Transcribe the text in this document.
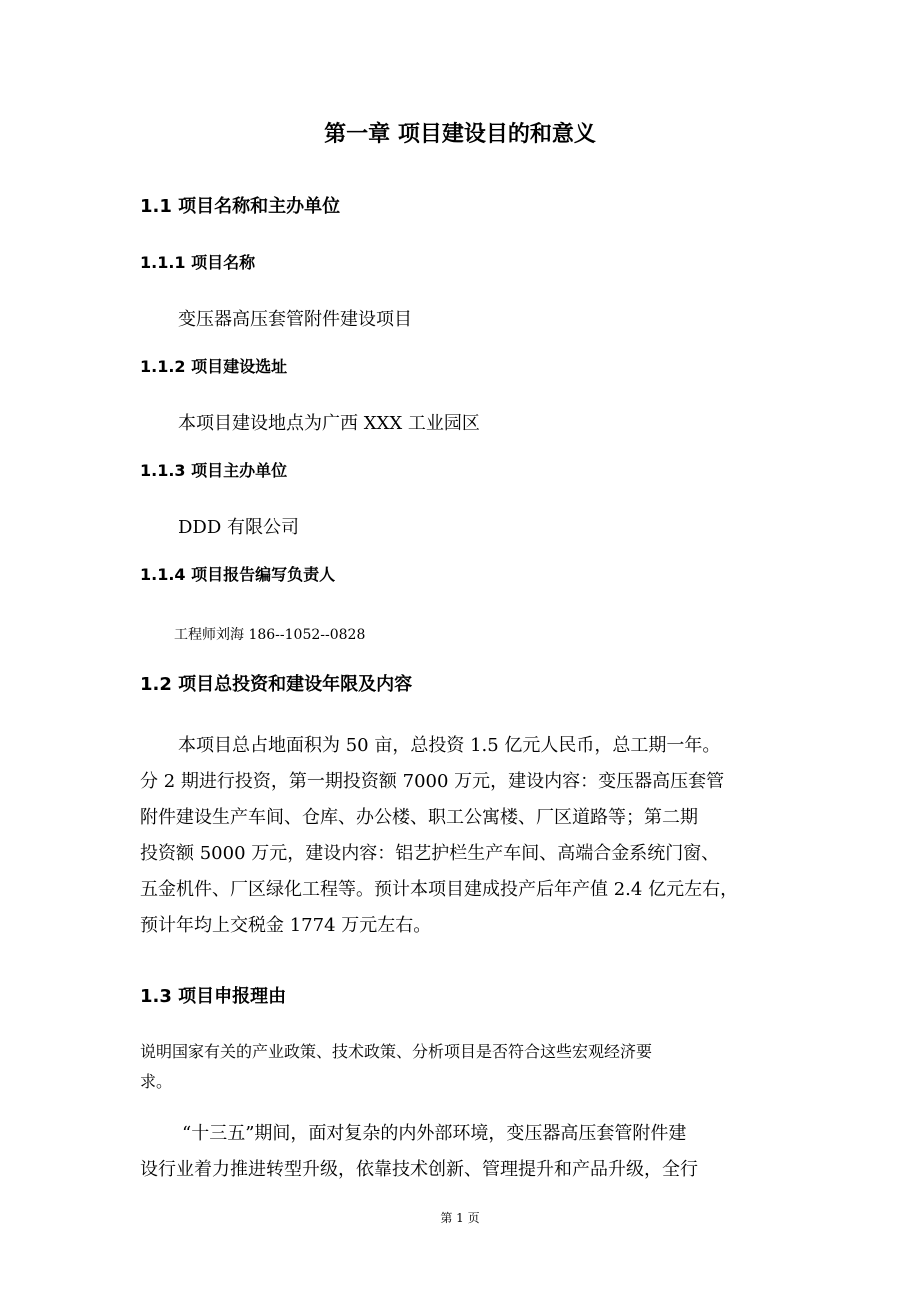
第一章 项目建设目的和意义
1.1 项目名称和主办单位
1.1.1 项目名称
变压器高压套管附件建设项目
1.1.2 项目建设选址
本项目建设地点为广西 XXX 工业园区
1.1.3 项目主办单位
DDD 有限公司
1.1.4 项目报告编写负责人
工程师刘海 186--1052--0828
1.2 项目总投资和建设年限及内容
本项目总占地面积为 50 亩，总投资 1.5 亿元人民币，总工期一年。
分 2 期进行投资，第一期投资额 7000 万元，建设内容：变压器高压套管
附件建设生产车间、仓库、办公楼、职工公寓楼、厂区道路等；第二期
投资额 5000 万元，建设内容：铝艺护栏生产车间、高端合金系统门窗、
五金机件、厂区绿化工程等。预计本项目建成投产后年产值 2.4 亿元左右，
预计年均上交税金 1774 万元左右。
1.3 项目申报理由
说明国家有关的产业政策、技术政策、分析项目是否符合这些宏观经济要
求。
“十三五”期间，面对复杂的内外部环境，变压器高压套管附件建
设行业着力推进转型升级，依靠技术创新、管理提升和产品升级，全行
第 1 页
